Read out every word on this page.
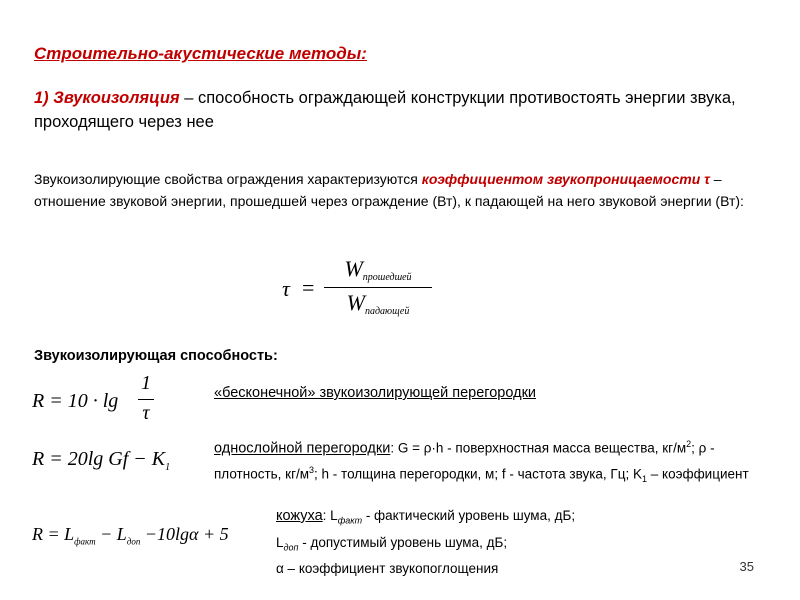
Строительно-акустические методы:
1) Звукоизоляция – способность ограждающей конструкции противостоять энергии звука, проходящего через нее
Звукоизолирующие свойства ограждения характеризуются коэффициентом звукопроницаемости τ – отношение звуковой энергии, прошедшей через ограждение (Вт), к падающей на него звуковой энергии (Вт):
τ =
$W_{прошедшей}$
$W_{падающей}$
Звукоизолирующая способность:
R = 10 · lg
1
τ
«бесконечной» звукоизолирующей перегородки
R = 20lg $Gf - K_1$
однослойной перегородки: G = ρ·h - поверхностная масса вещества, $кг/м^2$; ρ - плотность, $кг/м^3$; h - толщина перегородки, м; f - частота звука, Гц; $K_1$ – коэффициент
$R = L_{факт} - L_{доп} -10\lg\alpha + 5$
кожуха: $L_{факт}$ - фактический уровень шума, дБ;
$L_{доп}$ - допустимый уровень шума, дБ;
α – коэффициент звукопоглощения	35
